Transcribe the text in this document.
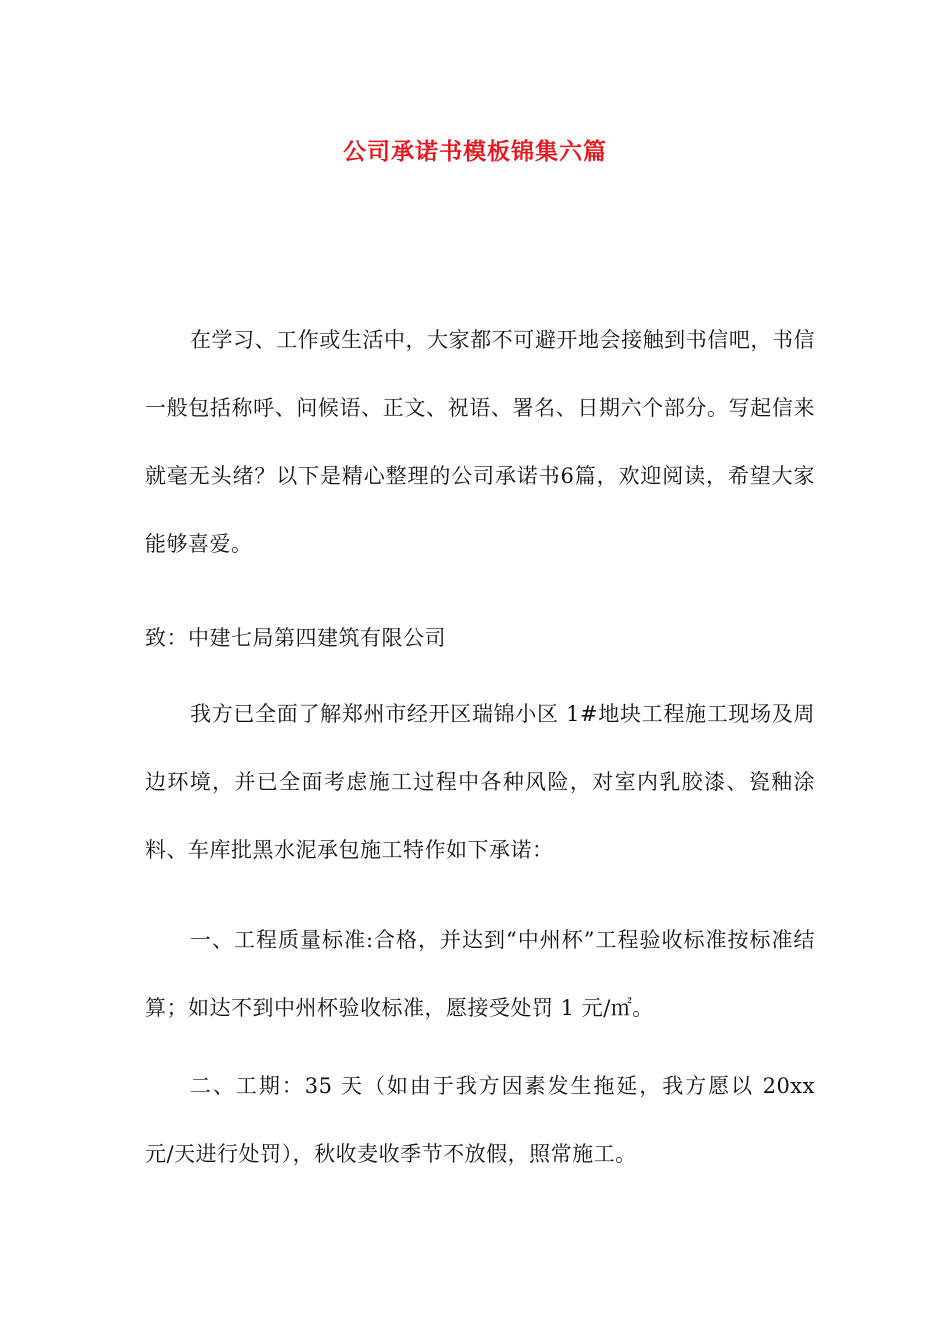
公司承诺书模板锦集六篇
在学习、工作或生活中，大家都不可避开地会接触到书信吧，书信一般包括称呼、问候语、正文、祝语、署名、日期六个部分。写起信来就毫无头绪？以下是精心整理的公司承诺书6篇，欢迎阅读，希望大家能够喜爱。
致：中建七局第四建筑有限公司
我方已全面了解郑州市经开区瑞锦小区 1#地块工程施工现场及周边环境，并已全面考虑施工过程中各种风险，对室内乳胶漆、瓷釉涂料、车库批黑水泥承包施工特作如下承诺：
一、工程质量标准:合格，并达到“中州杯”工程验收标准按标准结算；如达不到中州杯验收标准，愿接受处罚 1 元/㎡。
二、工期：35 天（如由于我方因素发生拖延，我方愿以 20xx 元/天进行处罚），秋收麦收季节不放假，照常施工。
